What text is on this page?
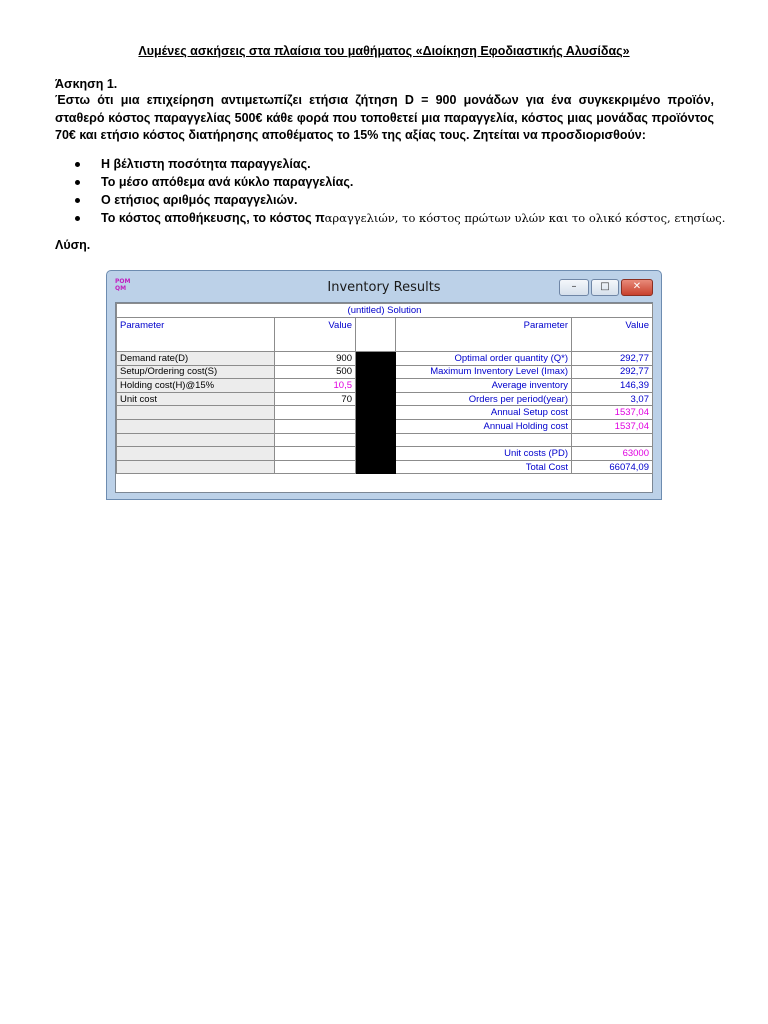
Λυμένες ασκήσεις στα πλαίσια του μαθήματος «Διοίκηση Εφοδιαστικής Αλυσίδας»
Άσκηση 1.
Έστω ότι μια επιχείρηση αντιμετωπίζει ετήσια ζήτηση D = 900 μονάδων για ένα συγκεκριμένο προϊόν, σταθερό κόστος παραγγελίας 500€ κάθε φορά που τοποθετεί μια παραγγελία, κόστος μιας μονάδας προϊόντος 70€ και ετήσιο κόστος διατήρησης αποθέματος το 15% της αξίας τους. Ζητείται να προσδιορισθούν:
Η βέλτιστη ποσότητα παραγγελίας.
Το μέσο απόθεμα ανά κύκλο παραγγελίας.
Ο ετήσιος αριθμός παραγγελιών.
Το κόστος αποθήκευσης, το κόστος παραγγελιών, το κόστος πρώτων υλών και το ολικό κόστος, ετησίως.
Λύση.
POM
QM	Inventory Results	–	□	✕
(untitled) Solution				
Parameter	Value		Parameter	Value
Demand rate(D)	900		Optimal order quantity (Q*)	292,77
Setup/Ordering cost(S)	500		Maximum Inventory Level (Imax)	292,77
Holding cost(H)@15%	10,5		Average inventory	146,39
Unit cost	70		Orders per period(year)	3,07
			Annual Setup cost	1537,04
			Annual Holding cost	1537,04

			Unit costs (PD)	63000
			Total Cost	66074,09
